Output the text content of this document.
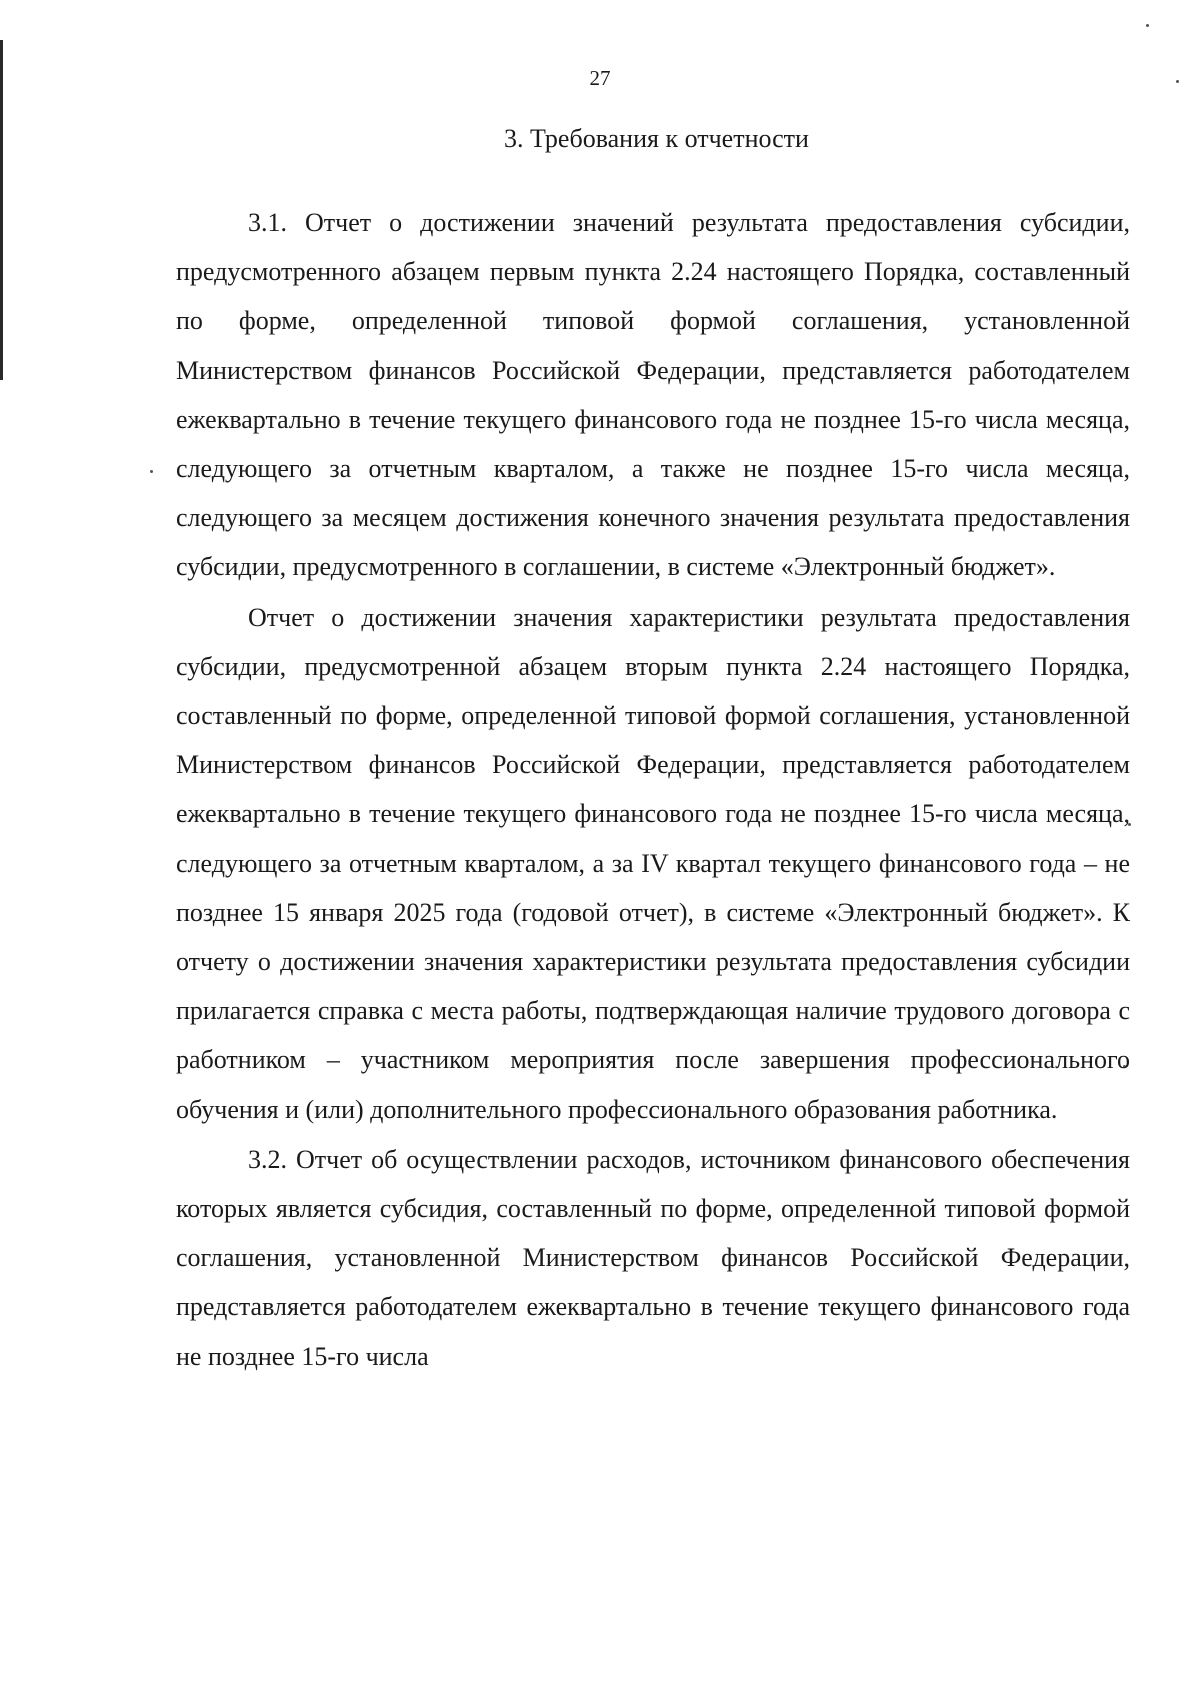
27
3. Требования к отчетности

3.1. Отчет о достижении значений результата предоставления субсидии, предусмотренного абзацем первым пункта 2.24 настоящего Порядка, составленный по форме, определенной типовой формой соглашения, установленной Министерством финансов Российской Федерации, представляется работодателем ежеквартально в течение текущего финансового года не позднее 15-го числа месяца, следующего за отчетным кварталом, а также не позднее 15-го числа месяца, следующего за месяцем достижения конечного значения результата предоставления субсидии, предусмотренного в соглашении, в системе «Электронный бюджет».

Отчет о достижении значения характеристики результата предоставления субсидии, предусмотренной абзацем вторым пункта 2.24 настоящего Порядка, составленный по форме, определенной типовой формой соглашения, установленной Министерством финансов Российской Федерации, представляется работодателем ежеквартально в течение текущего финансового года не позднее 15-го числа месяца, следующего за отчетным кварталом, а за IV квартал текущего финансового года – не позднее 15 января 2025 года (годовой отчет), в системе «Электронный бюджет». К отчету о достижении значения характеристики результата предоставления субсидии прилагается справка с места работы, подтверждающая наличие трудового договора с работником – участником мероприятия после завершения профессионального обучения и (или) дополнительного профессионального образования работника.

3.2. Отчет об осуществлении расходов, источником финансового обеспечения которых является субсидия, составленный по форме, определенной типовой формой соглашения, установленной Министерством финансов Российской Федерации, представляется работодателем ежеквартально в течение текущего финансового года не позднее 15-го числа
